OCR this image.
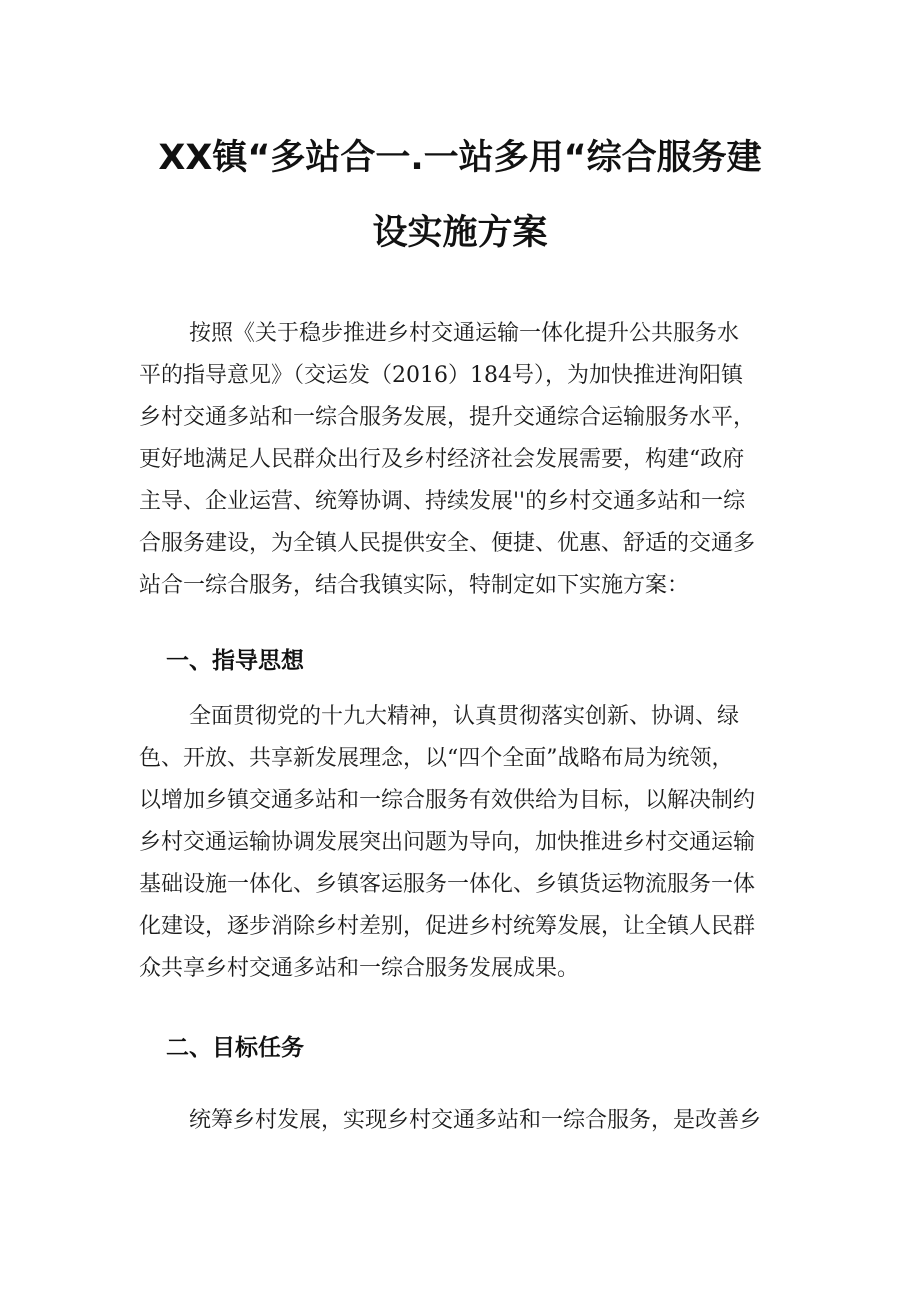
XX镇“多站合一.一站多用“综合服务建
设实施方案
按照《关于稳步推进乡村交通运输一体化提升公共服务水
平的指导意见》（交运发（2016）184号），为加快推进洵阳镇
乡村交通多站和一综合服务发展，提升交通综合运输服务水平，
更好地满足人民群众出行及乡村经济社会发展需要，构建“政府
主导、企业运营、统筹协调、持续发展''的乡村交通多站和一综
合服务建设，为全镇人民提供安全、便捷、优惠、舒适的交通多
站合一综合服务，结合我镇实际，特制定如下实施方案：
一、指导思想
全面贯彻党的十九大精神，认真贯彻落实创新、协调、绿
色、开放、共享新发展理念，以“四个全面”战略布局为统领，
以增加乡镇交通多站和一综合服务有效供给为目标，以解决制约
乡村交通运输协调发展突出问题为导向，加快推进乡村交通运输
基础设施一体化、乡镇客运服务一体化、乡镇货运物流服务一体
化建设，逐步消除乡村差别，促进乡村统筹发展，让全镇人民群
众共享乡村交通多站和一综合服务发展成果。
二、目标任务
统筹乡村发展，实现乡村交通多站和一综合服务，是改善乡
